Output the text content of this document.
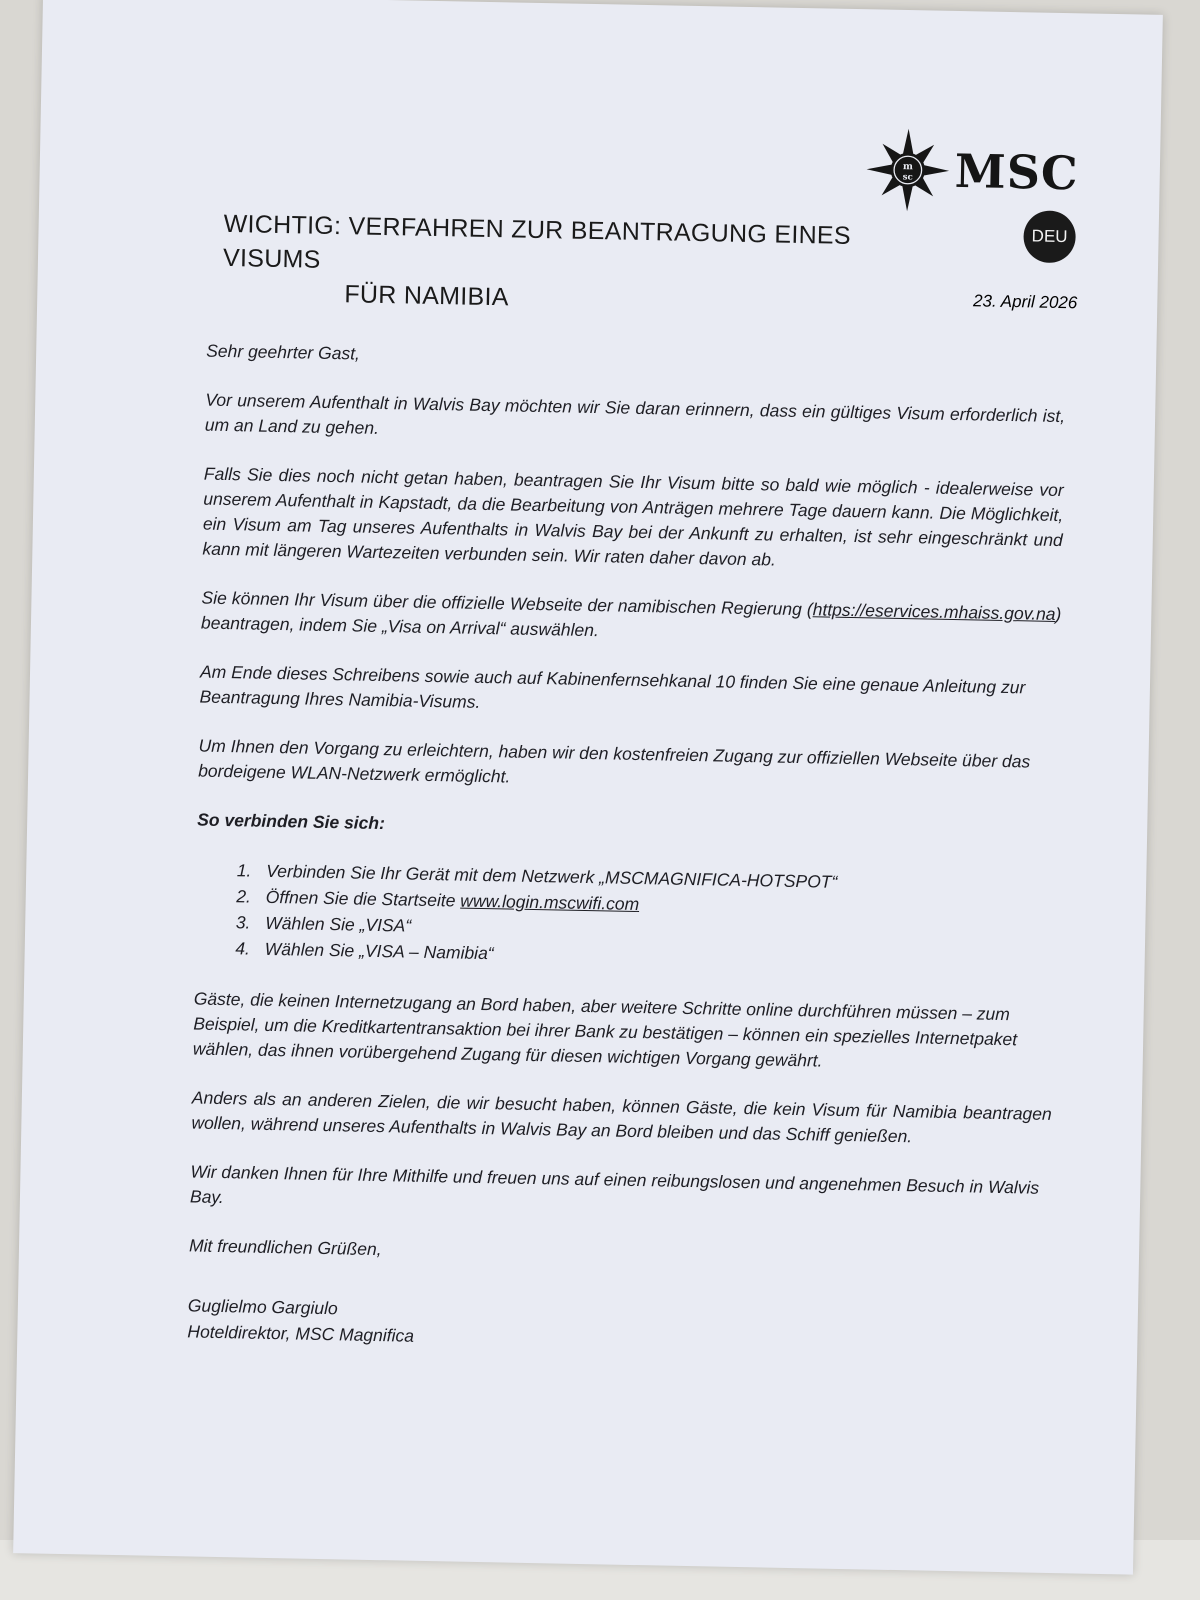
m
sc MSC
DEU
WICHTIG: VERFAHREN ZUR BEANTRAGUNG EINES VISUMS
FÜR NAMIBIA	23. April 2026

Sehr geehrter Gast,

Vor unserem Aufenthalt in Walvis Bay möchten wir Sie daran erinnern, dass ein gültiges Visum erforderlich ist, um an Land zu gehen.

Falls Sie dies noch nicht getan haben, beantragen Sie Ihr Visum bitte so bald wie möglich - idealerweise vor unserem Aufenthalt in Kapstadt, da die Bearbeitung von Anträgen mehrere Tage dauern kann. Die Möglichkeit, ein Visum am Tag unseres Aufenthalts in Walvis Bay bei der Ankunft zu erhalten, ist sehr eingeschränkt und kann mit längeren Wartezeiten verbunden sein. Wir raten daher davon ab.

Sie können Ihr Visum über die offizielle Webseite der namibischen Regierung (https://eservices.mhaiss.gov.na) beantragen, indem Sie „Visa on Arrival“ auswählen.

Am Ende dieses Schreibens sowie auch auf Kabinenfernsehkanal 10 finden Sie eine genaue Anleitung zur Beantragung Ihres Namibia-Visums.

Um Ihnen den Vorgang zu erleichtern, haben wir den kostenfreien Zugang zur offiziellen Webseite über das bordeigene WLAN-Netzwerk ermöglicht.

So verbinden Sie sich:

1. Verbinden Sie Ihr Gerät mit dem Netzwerk „MSCMAGNIFICA-HOTSPOT“
2. Öffnen Sie die Startseite www.login.mscwifi.com
3. Wählen Sie „VISA“
4. Wählen Sie „VISA – Namibia“

Gäste, die keinen Internetzugang an Bord haben, aber weitere Schritte online durchführen müssen – zum Beispiel, um die Kreditkartentransaktion bei ihrer Bank zu bestätigen – können ein spezielles Internetpaket wählen, das ihnen vorübergehend Zugang für diesen wichtigen Vorgang gewährt.

Anders als an anderen Zielen, die wir besucht haben, können Gäste, die kein Visum für Namibia beantragen wollen, während unseres Aufenthalts in Walvis Bay an Bord bleiben und das Schiff genießen.

Wir danken Ihnen für Ihre Mithilfe und freuen uns auf einen reibungslosen und angenehmen Besuch in Walvis Bay.

Mit freundlichen Grüßen,

Guglielmo Gargiulo
Hoteldirektor, MSC Magnifica
